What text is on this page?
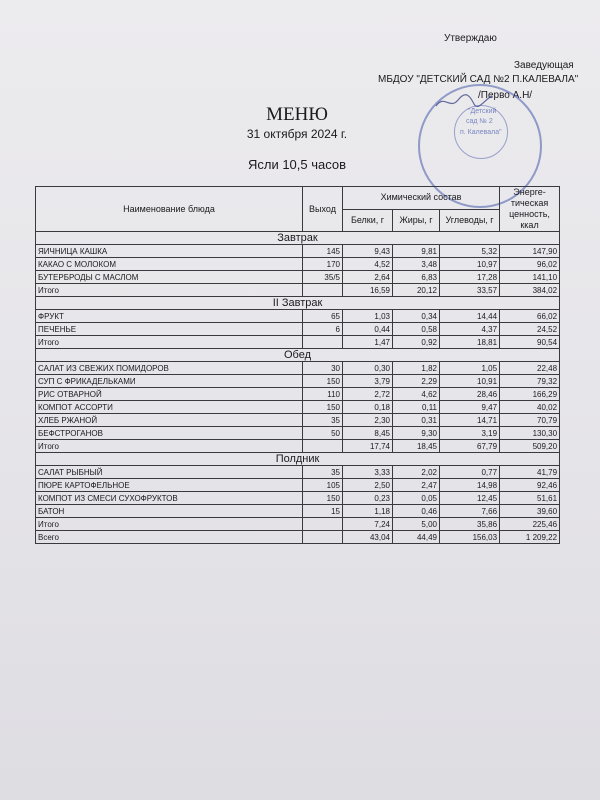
Утверждаю
Заведующая
МБДОУ "ДЕТСКИЙ САД №2 П.КАЛЕВАЛА"
/Перво А.Н/
"Детский
сад № 2
п. Калевала"
МЕНЮ
31 октября 2024 г.
Ясли 10,5 часов
Наименование блюда	Выход	Химический состав			Энерге-тическая ценность, ккал
		Белки, г	Жиры, г	Углеводы, г	
Завтрак					
ЯИЧНИЦА КАШКА	145	9,43	9,81	5,32	147,90
КАКАО С МОЛОКОМ	170	4,52	3,48	10,97	96,02
БУТЕРБРОДЫ С МАСЛОМ	35/5	2,64	6,83	17,28	141,10
Итого		16,59	20,12	33,57	384,02
II Завтрак					
ФРУКТ	65	1,03	0,34	14,44	66,02
ПЕЧЕНЬЕ	6	0,44	0,58	4,37	24,52
Итого		1,47	0,92	18,81	90,54
Обед					
САЛАТ ИЗ СВЕЖИХ ПОМИДОРОВ	30	0,30	1,82	1,05	22,48
СУП С ФРИКАДЕЛЬКАМИ	150	3,79	2,29	10,91	79,32
РИС ОТВАРНОЙ	110	2,72	4,62	28,46	166,29
КОМПОТ АССОРТИ	150	0,18	0,11	9,47	40,02
ХЛЕБ РЖАНОЙ	35	2,30	0,31	14,71	70,79
БЕФСТРОГАНОВ	50	8,45	9,30	3,19	130,30
Итого		17,74	18,45	67,79	509,20
Полдник					
САЛАТ РЫБНЫЙ	35	3,33	2,02	0,77	41,79
ПЮРЕ КАРТОФЕЛЬНОЕ	105	2,50	2,47	14,98	92,46
КОМПОТ ИЗ СМЕСИ СУХОФРУКТОВ	150	0,23	0,05	12,45	51,61
БАТОН	15	1,18	0,46	7,66	39,60
Итого		7,24	5,00	35,86	225,46
Всего		43,04	44,49	156,03	1 209,22
